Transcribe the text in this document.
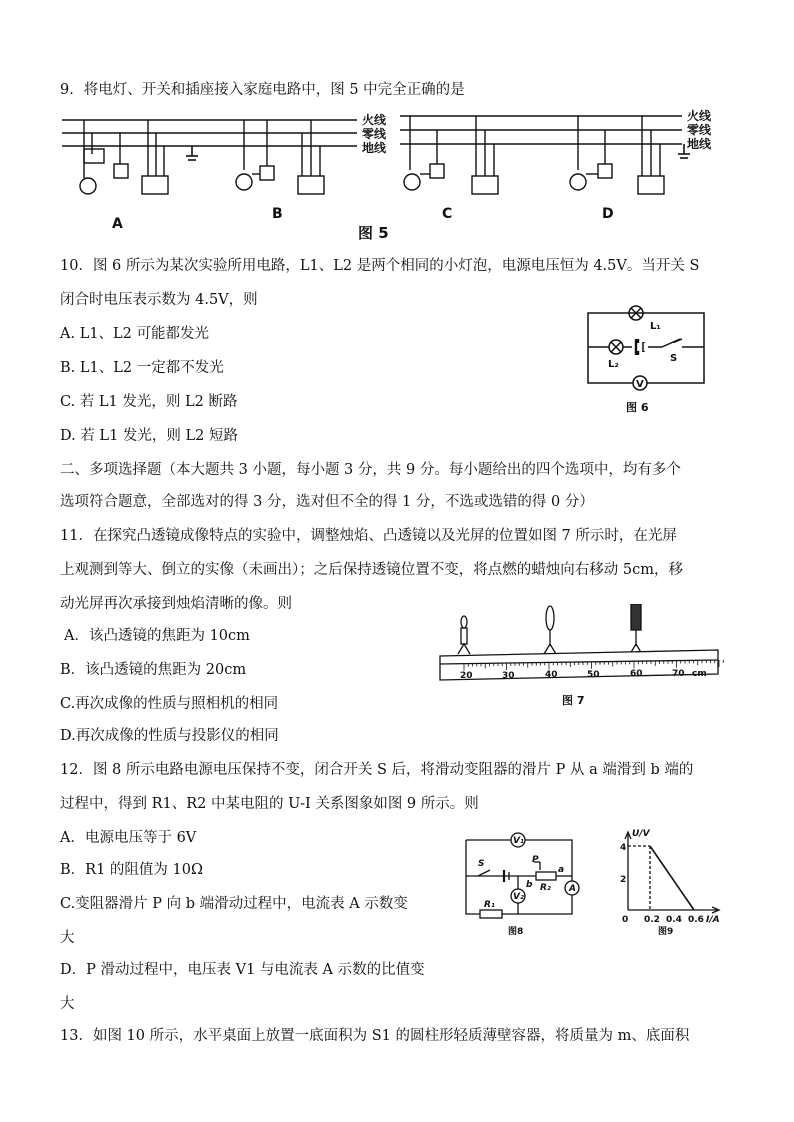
9．将电灯、开关和插座接入家庭电路中，图 5 中完全正确的是
火线
零线
地线
火线
零线
地线
A
B	C	D
图 5
10．图 6 所示为某次实验所用电路，L1、L2 是两个相同的小灯泡，电源电压恒为 4.5V。当开关 S
闭合时电压表示数为 4.5V，则
A. L1、L2 可能都发光
B. L1、L2 一定都不发光
C. 若 L1 发光，则 L2 断路
D. 若 L1 发光，则 L2 短路
L₁
L₂
S
V
图 6
二、多项选择题（本大题共 3 小题，每小题 3 分，共 9 分。每小题给出的四个选项中，均有多个
选项符合题意，全部选对的得 3 分，选对但不全的得 1 分，不选或选错的得 0 分）
11．在探究凸透镜成像特点的实验中，调整烛焰、凸透镜以及光屏的位置如图 7 所示时，在光屏
上观测到等大、倒立的实像（未画出）；之后保持透镜位置不变，将点燃的蜡烛向右移动 5cm，移
动光屏再次承接到烛焰清晰的像。则
A．该凸透镜的焦距为 10cm
B．该凸透镜的焦距为 20cm
C.再次成像的性质与照相机的相同
D.再次成像的性质与投影仪的相同
20	30	40	50	60	70 cm
图 7
12．图 8 所示电路电源电压保持不变，闭合开关 S 后，将滑动变阻器的滑片 P 从 a 端滑到 b 端的
过程中，得到 R1、R2 中某电阻的 U-I 关系图象如图 9 所示。则
A．电源电压等于 6V
B．R1 的阻值为 10Ω
C.变阻器滑片 P 向 b 端滑动过程中，电流表 A 示数变
大
D．P 滑动过程中，电压表 V1 与电流表 A 示数的比值变
大
V₁
S	P
a
b R₂
V₂
A
R₁
图8
U/V
I/A
4
2
0 0.2 0.4 0.6
图9
13．如图 10 所示，水平桌面上放置一底面积为 S1 的圆柱形轻质薄壁容器，将质量为 m、底面积
